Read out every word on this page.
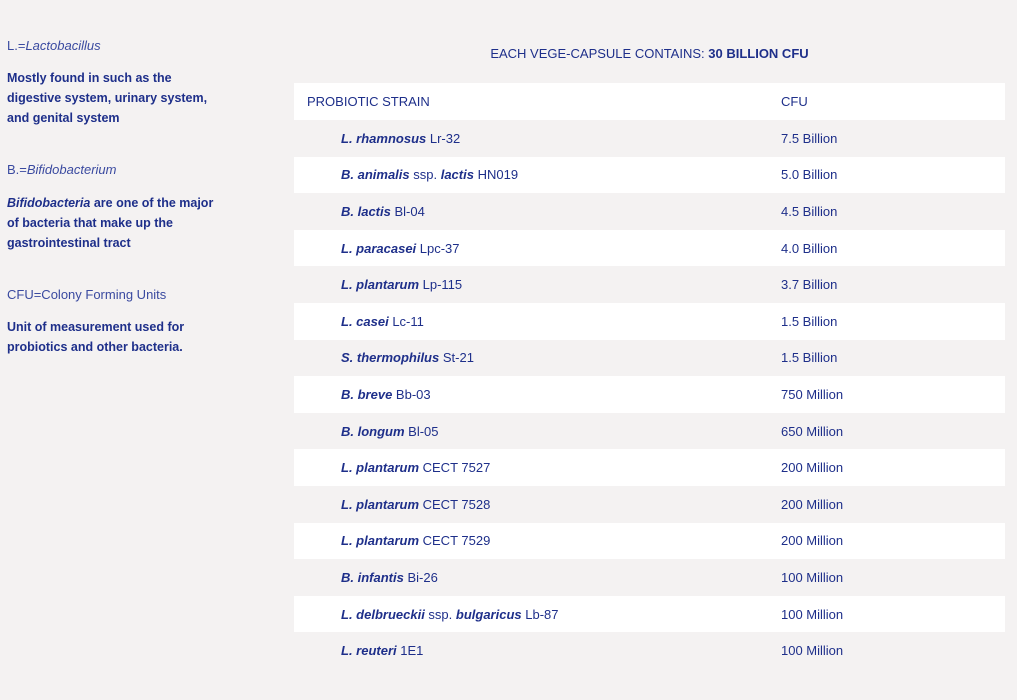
L.=Lactobacillus
Mostly found in such as the digestive system, urinary system, and genital system
B.=Bifidobacterium
Bifidobacteria are one of the major of bacteria that make up the gastrointestinal tract
CFU=Colony Forming Units
Unit of measurement used for probiotics and other bacteria.
EACH VEGE-CAPSULE CONTAINS: 30 BILLION CFU
PROBIOTIC STRAIN	CFU
L. rhamnosus Lr-32	7.5 Billion
B. animalis ssp. lactis HN019	5.0 Billion
B. lactis Bl-04	4.5 Billion
L. paracasei Lpc-37	4.0 Billion
L. plantarum Lp-115	3.7 Billion
L. casei Lc-11	1.5 Billion
S. thermophilus St-21	1.5 Billion
B. breve Bb-03	750 Million
B. longum Bl-05	650 Million
L. plantarum CECT 7527	200 Million
L. plantarum CECT 7528	200 Million
L. plantarum CECT 7529	200 Million
B. infantis Bi-26	100 Million
L. delbrueckii ssp. bulgaricus Lb-87	100 Million
L. reuteri 1E1	100 Million
